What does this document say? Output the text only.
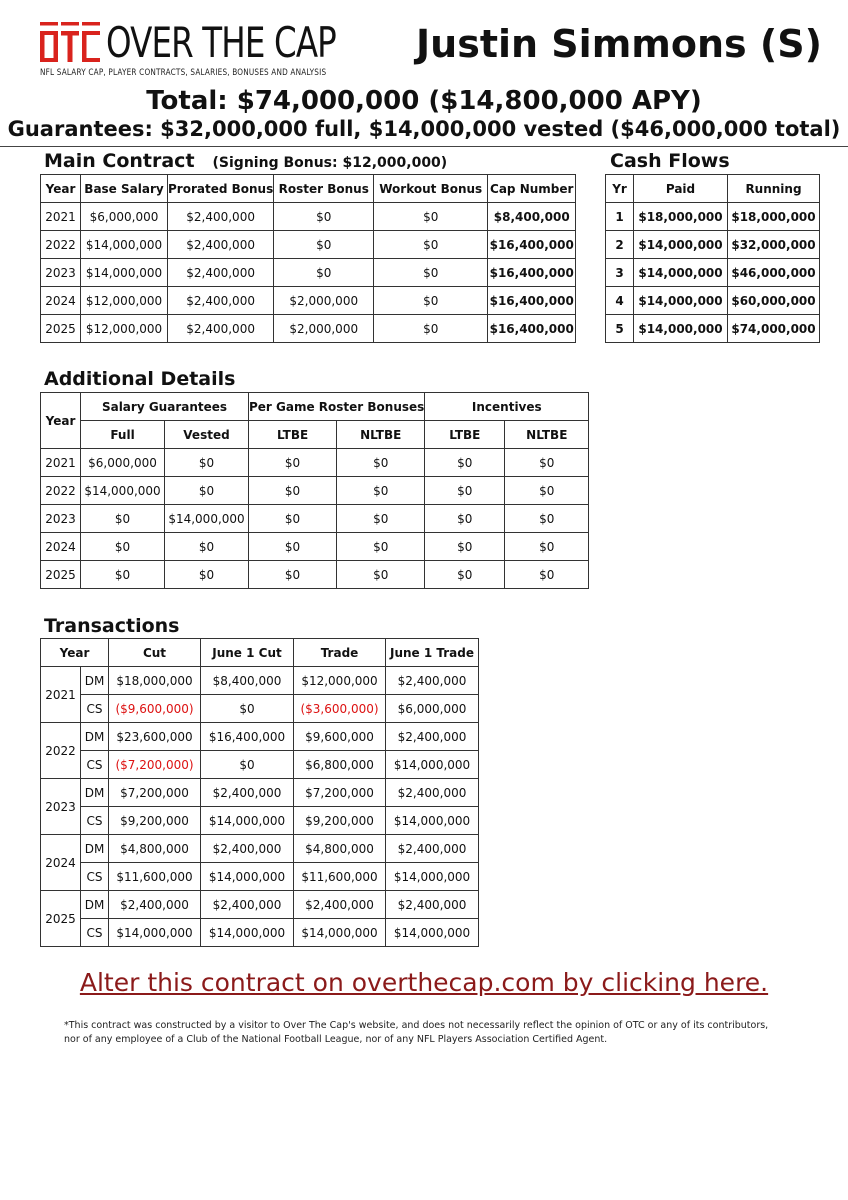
OVER THE CAP
NFL SALARY CAP, PLAYER CONTRACTS, SALARIES, BONUSES AND ANALYSIS
Justin Simmons (S)
Total: $74,000,000 ($14,800,000 APY)
Guarantees: $32,000,000 full, $14,000,000 vested ($46,000,000 total)
Main Contract (Signing Bonus: $12,000,000)
Year	Base Salary	Prorated Bonus	Roster Bonus	Workout Bonus	Cap Number
2021	$6,000,000	$2,400,000	$0	$0	$8,400,000
2022	$14,000,000	$2,400,000	$0	$0	$16,400,000
2023	$14,000,000	$2,400,000	$0	$0	$16,400,000
2024	$12,000,000	$2,400,000	$2,000,000	$0	$16,400,000
2025	$12,000,000	$2,400,000	$2,000,000	$0	$16,400,000
Cash Flows
Yr	Paid	Running
1	$18,000,000	$18,000,000
2	$14,000,000	$32,000,000
3	$14,000,000	$46,000,000
4	$14,000,000	$60,000,000
5	$14,000,000	$74,000,000
Additional Details
Year	Salary Guarantees		Per Game Roster Bonuses		Incentives	
	Full	Vested	LTBE	NLTBE	LTBE	NLTBE
2021	$6,000,000	$0	$0	$0	$0	$0
2022	$14,000,000	$0	$0	$0	$0	$0
2023	$0	$14,000,000	$0	$0	$0	$0
2024	$0	$0	$0	$0	$0	$0
2025	$0	$0	$0	$0	$0	$0
Transactions
Year		Cut	June 1 Cut	Trade	June 1 Trade
2021	DM	$18,000,000	$8,400,000	$12,000,000	$2,400,000
	CS	($9,600,000)	$0	($3,600,000)	$6,000,000
2022	DM	$23,600,000	$16,400,000	$9,600,000	$2,400,000
	CS	($7,200,000)	$0	$6,800,000	$14,000,000
2023	DM	$7,200,000	$2,400,000	$7,200,000	$2,400,000
	CS	$9,200,000	$14,000,000	$9,200,000	$14,000,000
2024	DM	$4,800,000	$2,400,000	$4,800,000	$2,400,000
	CS	$11,600,000	$14,000,000	$11,600,000	$14,000,000
2025	DM	$2,400,000	$2,400,000	$2,400,000	$2,400,000
	CS	$14,000,000	$14,000,000	$14,000,000	$14,000,000
Alter this contract on overthecap.com by clicking here.
*This contract was constructed by a visitor to Over The Cap's website, and does not necessarily reflect the opinion of OTC or any of its contributors, nor of any employee of a Club of the National Football League, nor of any NFL Players Association Certified Agent.
